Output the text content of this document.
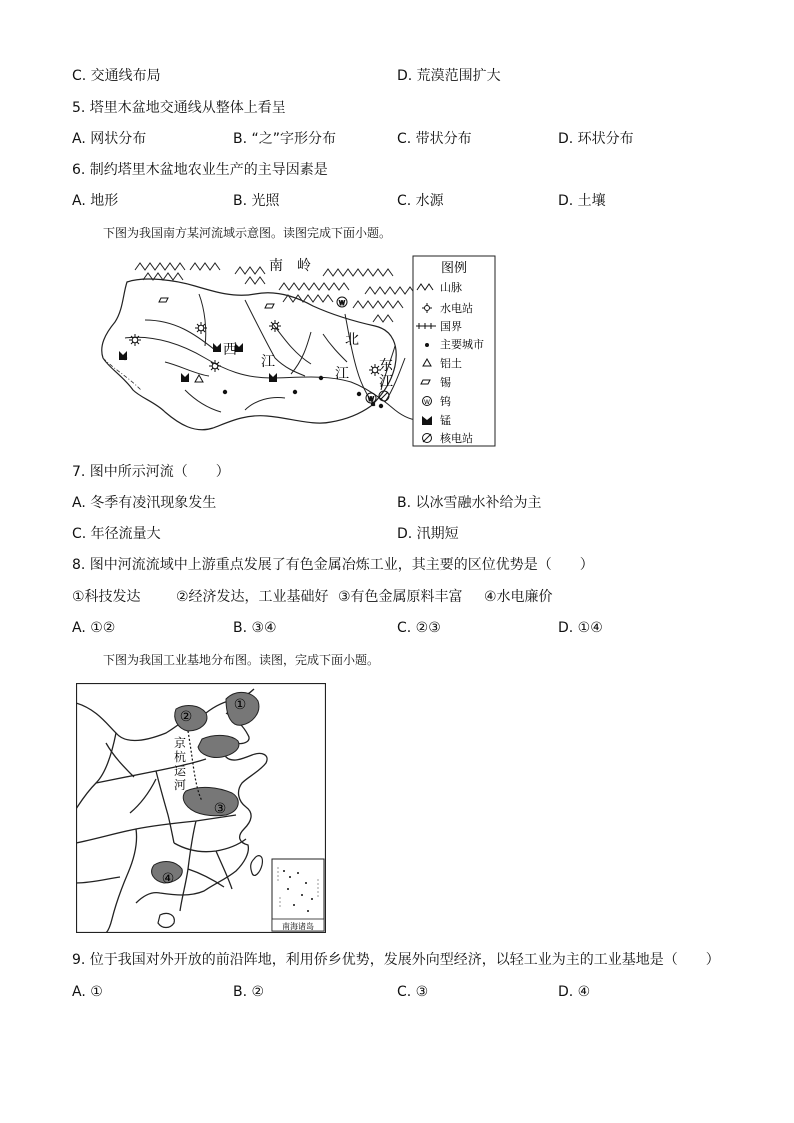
C. 交通线布局	D. 荒漠范围扩大
5. 塔里木盆地交通线从整体上看呈
A. 网状分布	B. “之”字形分布	C. 带状分布	D. 环状分布
6. 制约塔里木盆地农业生产的主导因素是
A. 地形	B. 光照	C. 水源	D. 土壤
下图为我国南方某河流域示意图。读图完成下面小题。
W
W
南　岭
西
江
北
江 东
江
图例
山脉
水电站
国界
主要城市
铝土
锡
W 钨
锰
核电站
7. 图中所示河流（　　）
A. 冬季有凌汛现象发生	B. 以冰雪融水补给为主
C. 年径流量大	D. 汛期短
8. 图中河流流域中上游重点发展了有色金属冶炼工业，其主要的区位优势是（　　）
①科技发达	②经济发达，工业基础好 ③有色金属原料丰富 ④水电廉价
A. ①②	B. ③④	C. ②③	D. ①④
下图为我国工业基地分布图。读图，完成下面小题。
①
②
③
④
京
杭
运
河
南海诸岛
9. 位于我国对外开放的前沿阵地，利用侨乡优势，发展外向型经济，以轻工业为主的工业基地是（　　）
A. ①	B. ②	C. ③	D. ④
